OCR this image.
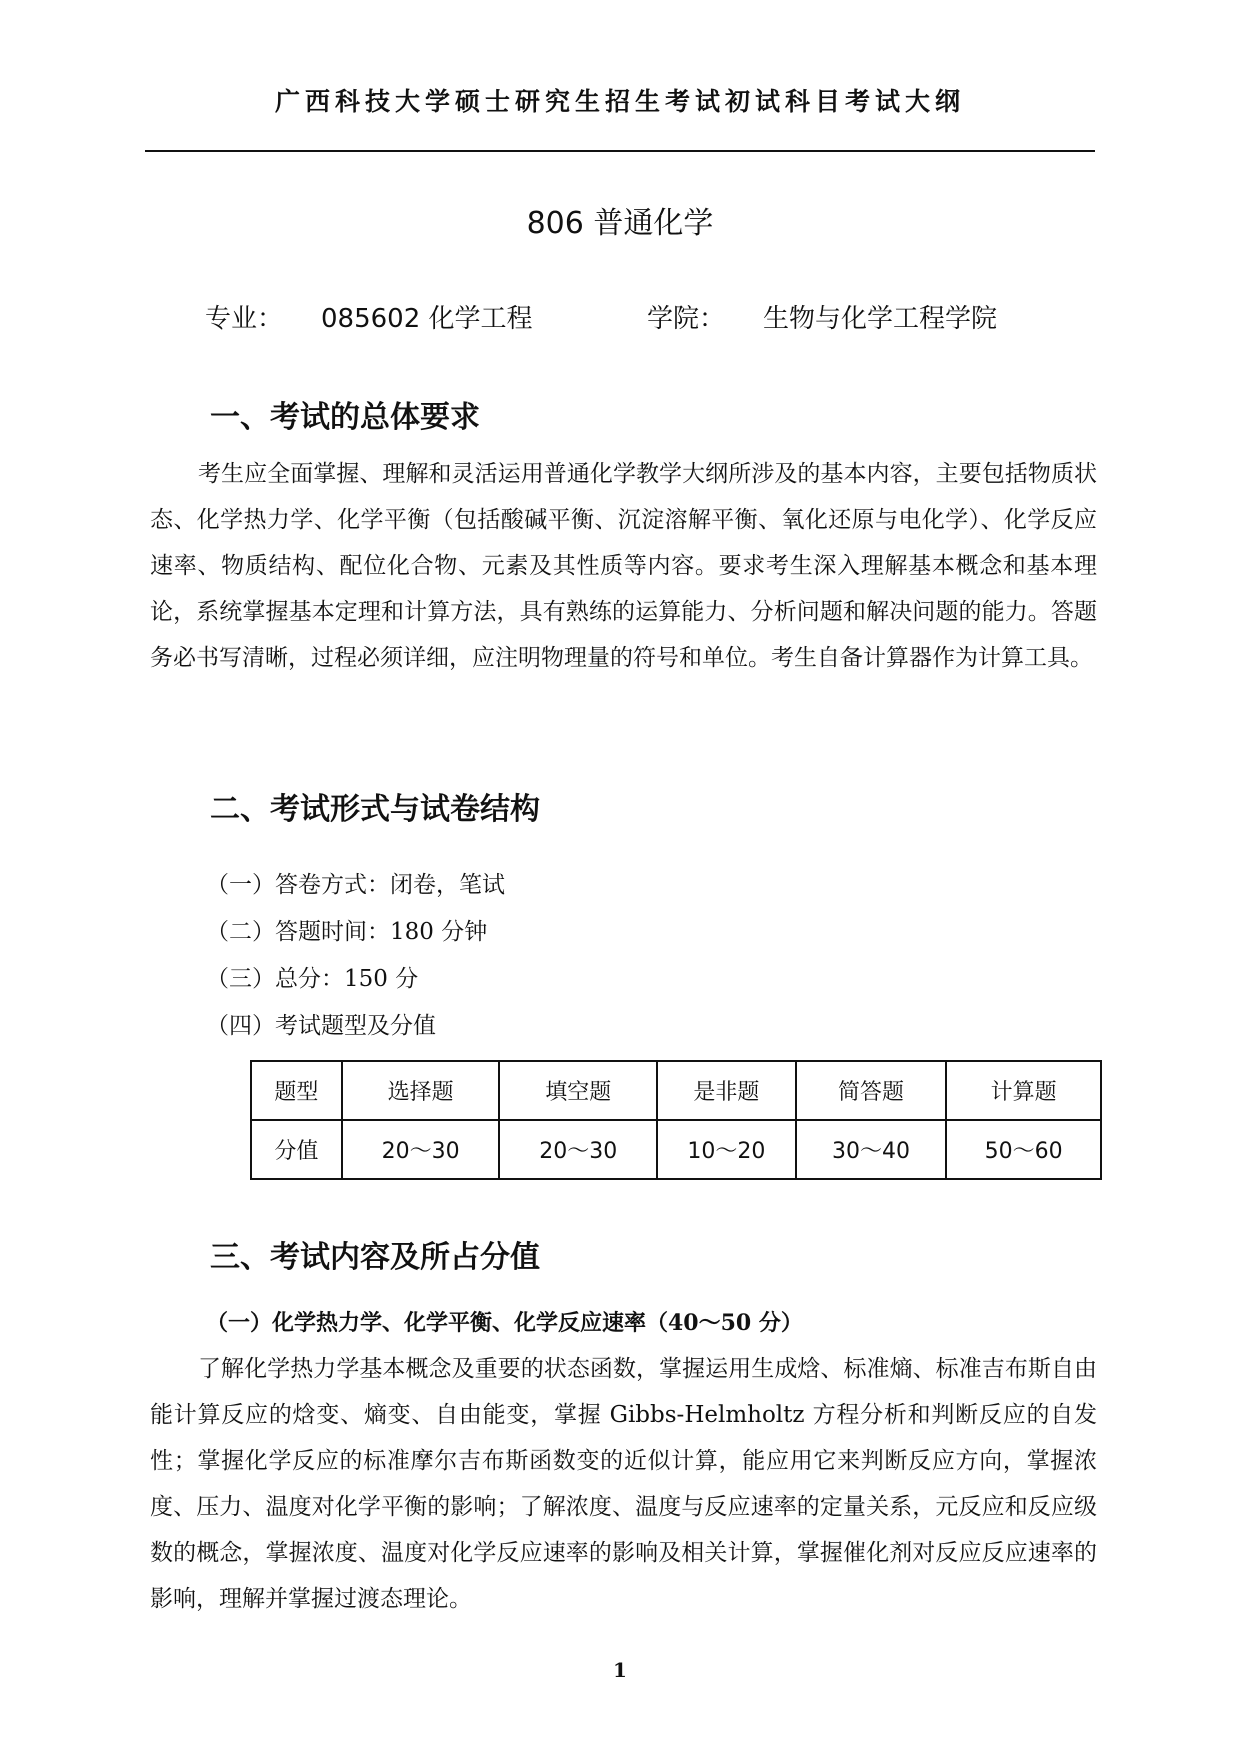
广西科技大学硕士研究生招生考试初试科目考试大纲
806 普通化学
专业： 085602 化学工程	学院： 生物与化学工程学院
一、考试的总体要求

考生应全面掌握、理解和灵活运用普通化学教学大纲所涉及的基本内容，主要包括物质状态、化学热力学、化学平衡（包括酸碱平衡、沉淀溶解平衡、氧化还原与电化学）、化学反应速率、物质结构、配位化合物、元素及其性质等内容。要求考生深入理解基本概念和基本理论，系统掌握基本定理和计算方法，具有熟练的运算能力、分析问题和解决问题的能力。答题务必书写清晰，过程必须详细，应注明物理量的符号和单位。考生自备计算器作为计算工具。

二、考试形式与试卷结构
（一）答卷方式：闭卷，笔试
（二）答题时间：180 分钟
（三）总分：150 分
（四）考试题型及分值
题型	选择题	填空题	是非题	简答题	计算题
分值	20～30	20～30	10～20	30～40	50～60
三、考试内容及所占分值
（一）化学热力学、化学平衡、化学反应速率（40～50 分）

了解化学热力学基本概念及重要的状态函数，掌握运用生成焓、标准熵、标准吉布斯自由能计算反应的焓变、熵变、自由能变，掌握 Gibbs-Helmholtz 方程分析和判断反应的自发性；掌握化学反应的标准摩尔吉布斯函数变的近似计算，能应用它来判断反应方向，掌握浓度、压力、温度对化学平衡的影响；了解浓度、温度与反应速率的定量关系，元反应和反应级数的概念，掌握浓度、温度对化学反应速率的影响及相关计算，掌握催化剂对反应反应速率的影响，理解并掌握过渡态理论。

1
